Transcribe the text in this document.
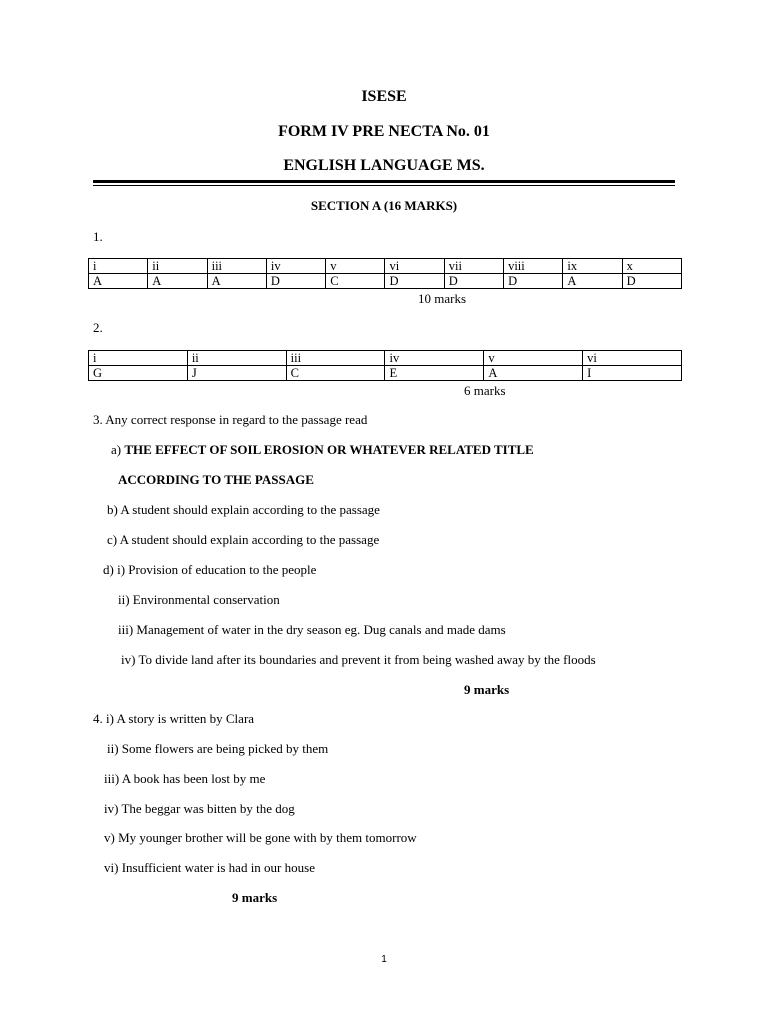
ISESE
FORM IV PRE NECTA No. 01
ENGLISH LANGUAGE MS.
SECTION A (16 MARKS)
1.
i	ii	iii	iv	v	vi	vii	viii	ix	x
A	A	A	D	C	D	D	D	A	D
10 marks
2.
i	ii	iii	iv	v	vi
G	J	C	E	A	I
6 marks
3. Any correct response in regard to the passage read
a) THE EFFECT OF SOIL EROSION OR WHATEVER RELATED TITLE
ACCORDING TO THE PASSAGE
b) A student should explain according to the passage
c) A student should explain according to the passage
d) i) Provision of education to the people
ii) Environmental conservation
iii) Management of water in the dry season eg. Dug canals and made dams
iv) To divide land after its boundaries and prevent it from being washed away by the floods
9 marks
4. i) A story is written by Clara
ii) Some flowers are being picked by them
iii) A book has been lost by me
iv) The beggar was bitten by the dog
v) My younger brother will be gone with by them tomorrow
vi) Insufficient water is had in our house
9 marks
1
